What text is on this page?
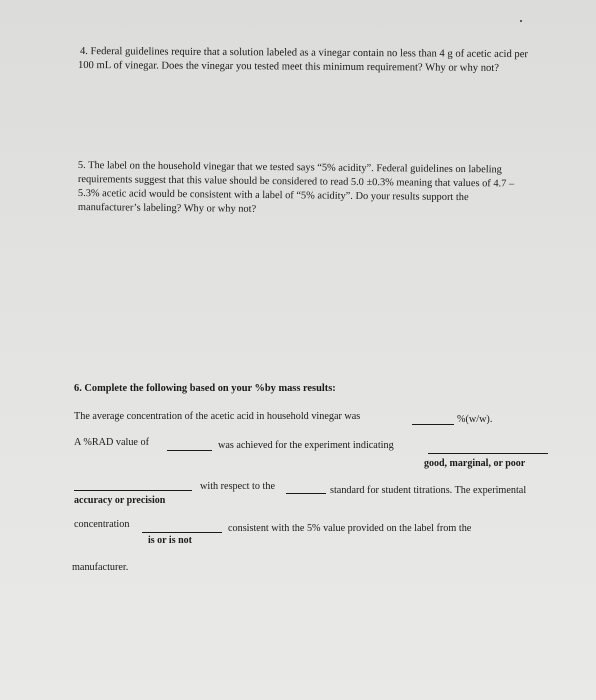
4. Federal guidelines require that a solution labeled as a vinegar contain no less than 4 g of acetic acid per
100 mL of vinegar. Does the vinegar you tested meet this minimum requirement? Why or why not?
5. The label on the household vinegar that we tested says “5% acidity”. Federal guidelines on labeling
requirements suggest that this value should be considered to read 5.0 ±0.3% meaning that values of 4.7 –
5.3% acetic acid would be consistent with a label of “5% acidity”. Do your results support the
manufacturer’s labeling? Why or why not?
6. Complete the following based on your %by mass results:
The average concentration of the acetic acid in household vinegar was	%(w/w).
A %RAD value of	was achieved for the experiment indicating
good, marginal, or poor
with respect to the	standard for student titrations. The experimental
accuracy or precision
concentration	consistent with the 5% value provided on the label from the
is or is not
manufacturer.
